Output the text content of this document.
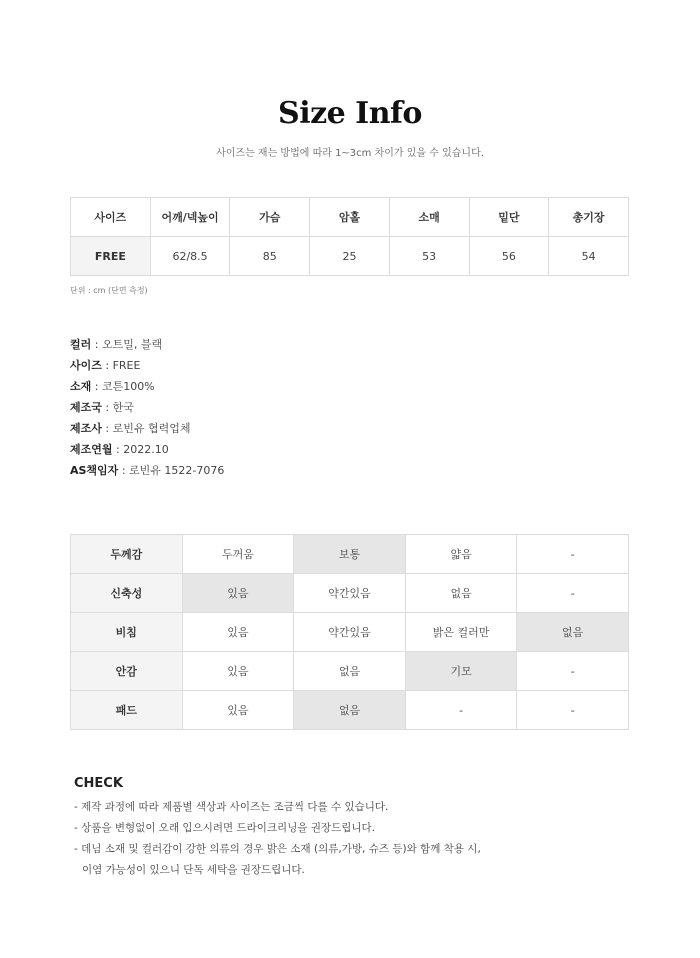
Size Info
사이즈는 재는 방법에 따라 1~3cm 차이가 있을 수 있습니다.
사이즈	어깨/넥높이	가슴	암홀	소매	밑단	총기장
FREE	62/8.5	85	25	53	56	54
단위 : cm (단면 측정)
컬러 : 오트밀, 블랙
사이즈 : FREE
소재 : 코튼100%
제조국 : 한국
제조사 : 로빈유 협력업체
제조연월 : 2022.10
AS책임자 : 로빈유 1522-7076
두께감	두꺼움	보통	얇음	-
신축성	있음	약간있음	없음	-
비침	있음	약간있음	밝은 컬러만	없음
안감	있음	없음	기모	-
패드	있음	없음	-	-
CHECK
- 제작 과정에 따라 제품별 색상과 사이즈는 조금씩 다를 수 있습니다.
- 상품을 변형없이 오래 입으시려면 드라이크리닝을 권장드립니다.
- 데님 소재 및 컬러감이 강한 의류의 경우 밝은 소재 (의류,가방, 슈즈 등)와 함께 착용 시,
이염 가능성이 있으니 단독 세탁을 권장드립니다.
